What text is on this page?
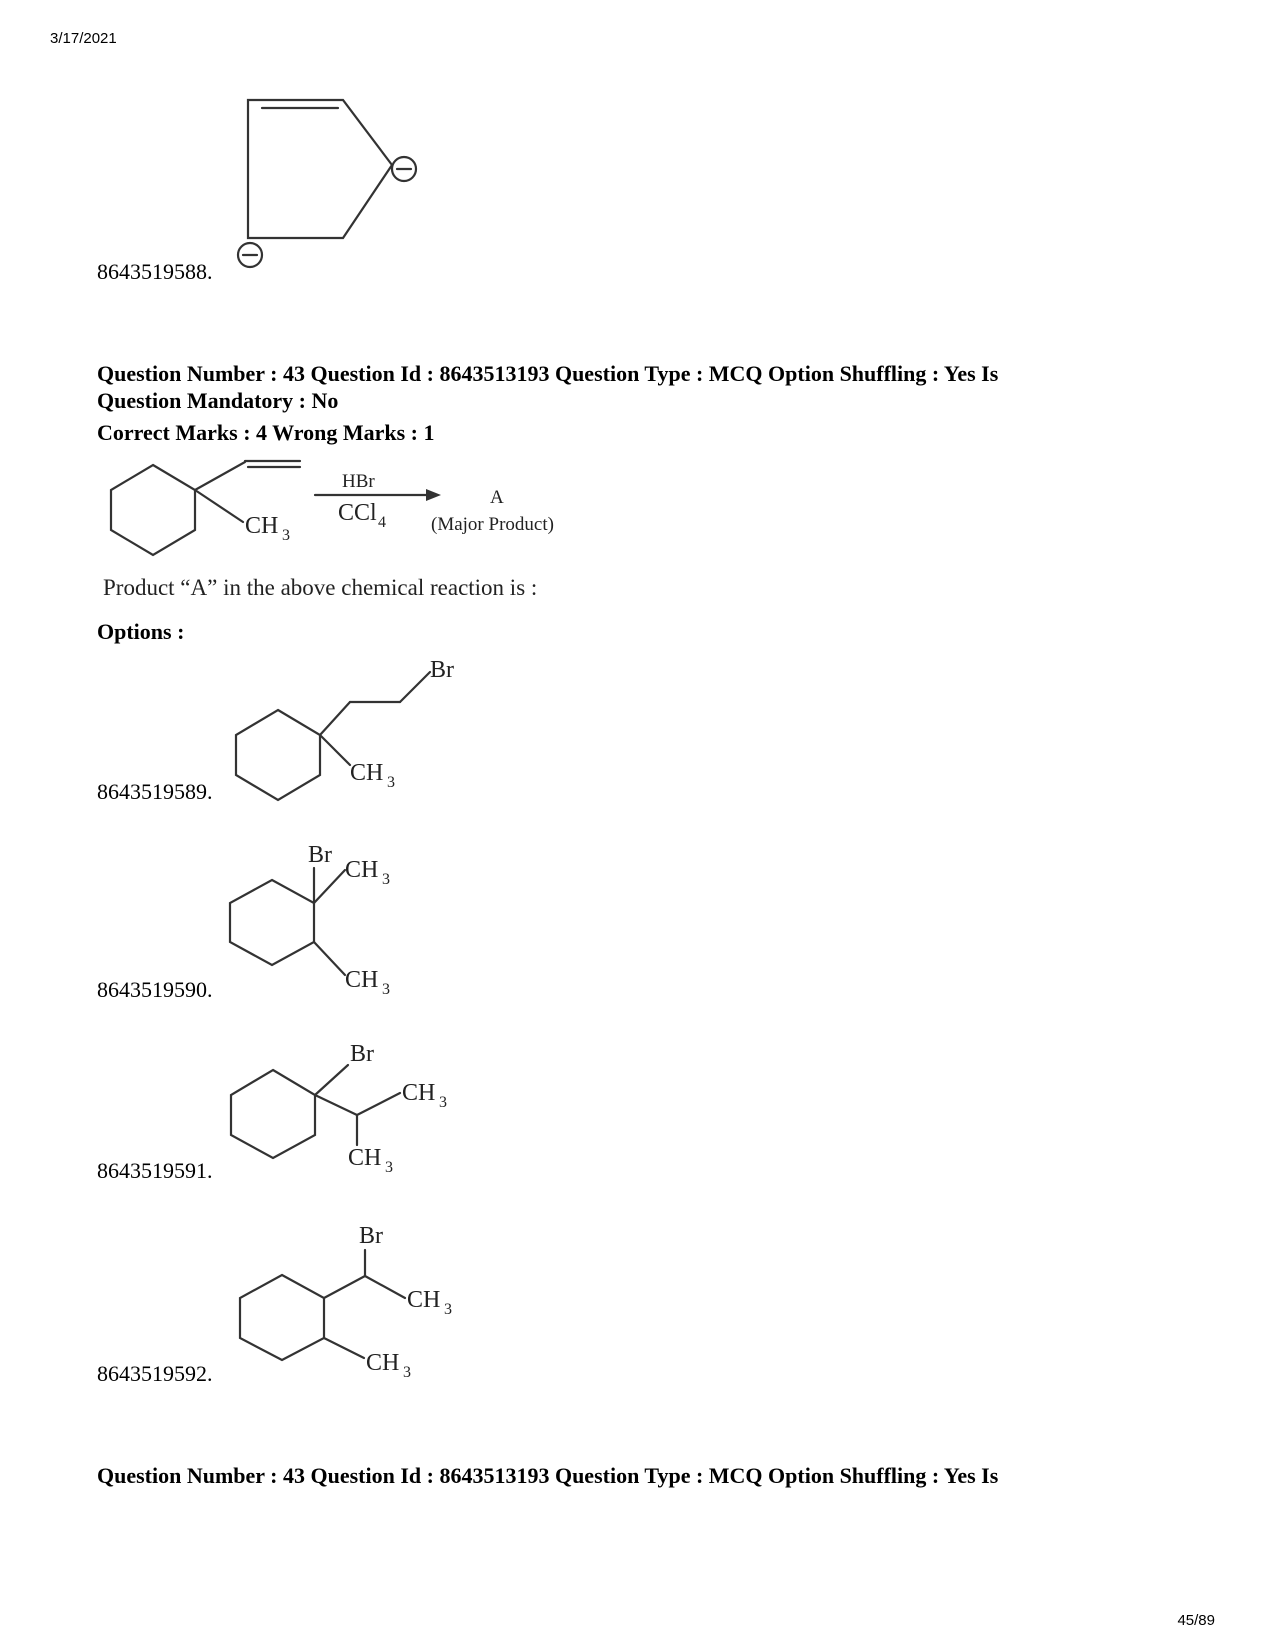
3/17/2021
8643519588.
Question Number : 43 Question Id : 8643513193 Question Type : MCQ Option Shuffling : Yes Is
Question Mandatory : No
Correct Marks : 4 Wrong Marks : 1
CH 3
HBr
CCl 4
A
(Major Product)
Product “A” in the above chemical reaction is :
Options :
Br
CH 3
8643519589.
Br
CH 3
CH 3
8643519590.
Br
CH 3
CH 3
8643519591.
Br
CH 3
CH 3
8643519592.
Question Number : 43 Question Id : 8643513193 Question Type : MCQ Option Shuffling : Yes Is
45/89
